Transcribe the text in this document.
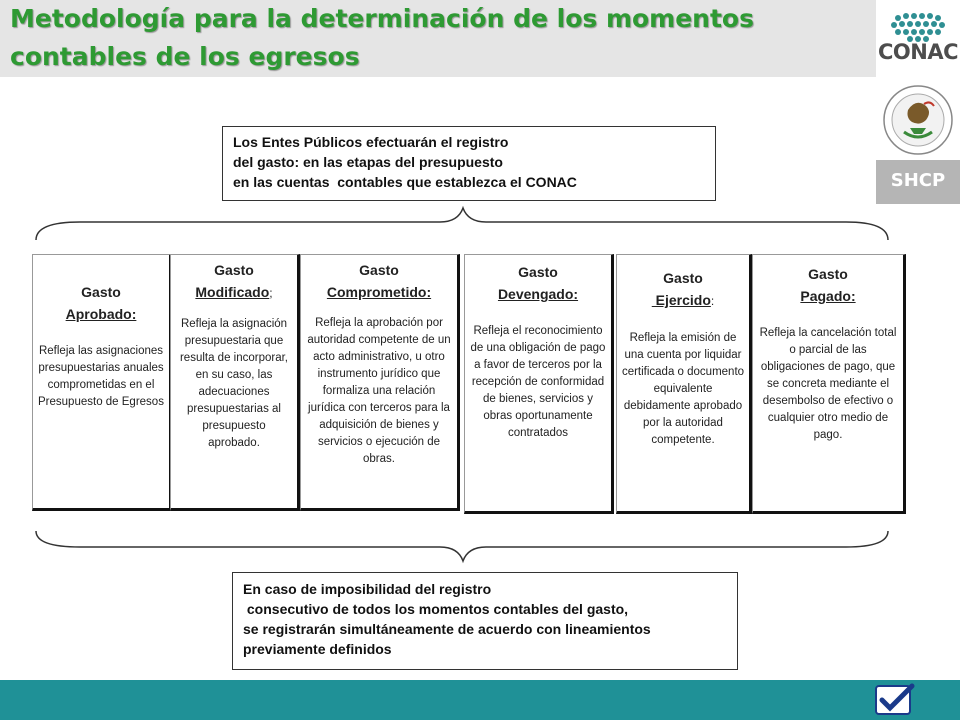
Metodología para la determinación de los momentos
contables de los egresos	CONAC
SHCP
Los Entes Públicos efectuarán el registro
del gasto: en las etapas del presupuesto
en las cuentas  contables que establezca el CONAC
Gasto
Aprobado:
Refleja las asignaciones presupuestarias anuales comprometidas en el Presupuesto de Egresos
Gasto
Modificado;
Refleja la asignación presupuestaria que resulta de incorporar, en su caso, las adecuaciones presupuestarias al presupuesto aprobado.
Gasto
Comprometido:
Refleja la aprobación por autoridad competente de un acto administrativo, u otro instrumento jurídico que formaliza una relación jurídica con terceros para la adquisición de bienes y servicios o ejecución de obras.
Gasto
Devengado:
Refleja el reconocimiento de una obligación de pago a favor de terceros por la recepción de conformidad de bienes, servicios y obras oportunamente contratados
Gasto
Ejercido:
Refleja la emisión de una cuenta por liquidar certificada o documento equivalente debidamente aprobado por la autoridad competente.
Gasto
Pagado:
Refleja la cancelación total o parcial de las obligaciones de pago, que se concreta mediante el desembolso de efectivo o cualquier otro medio de pago.
En caso de imposibilidad del registro
consecutivo de todos los momentos contables del gasto,
se registrarán simultáneamente de acuerdo con lineamientos
previamente definidos
